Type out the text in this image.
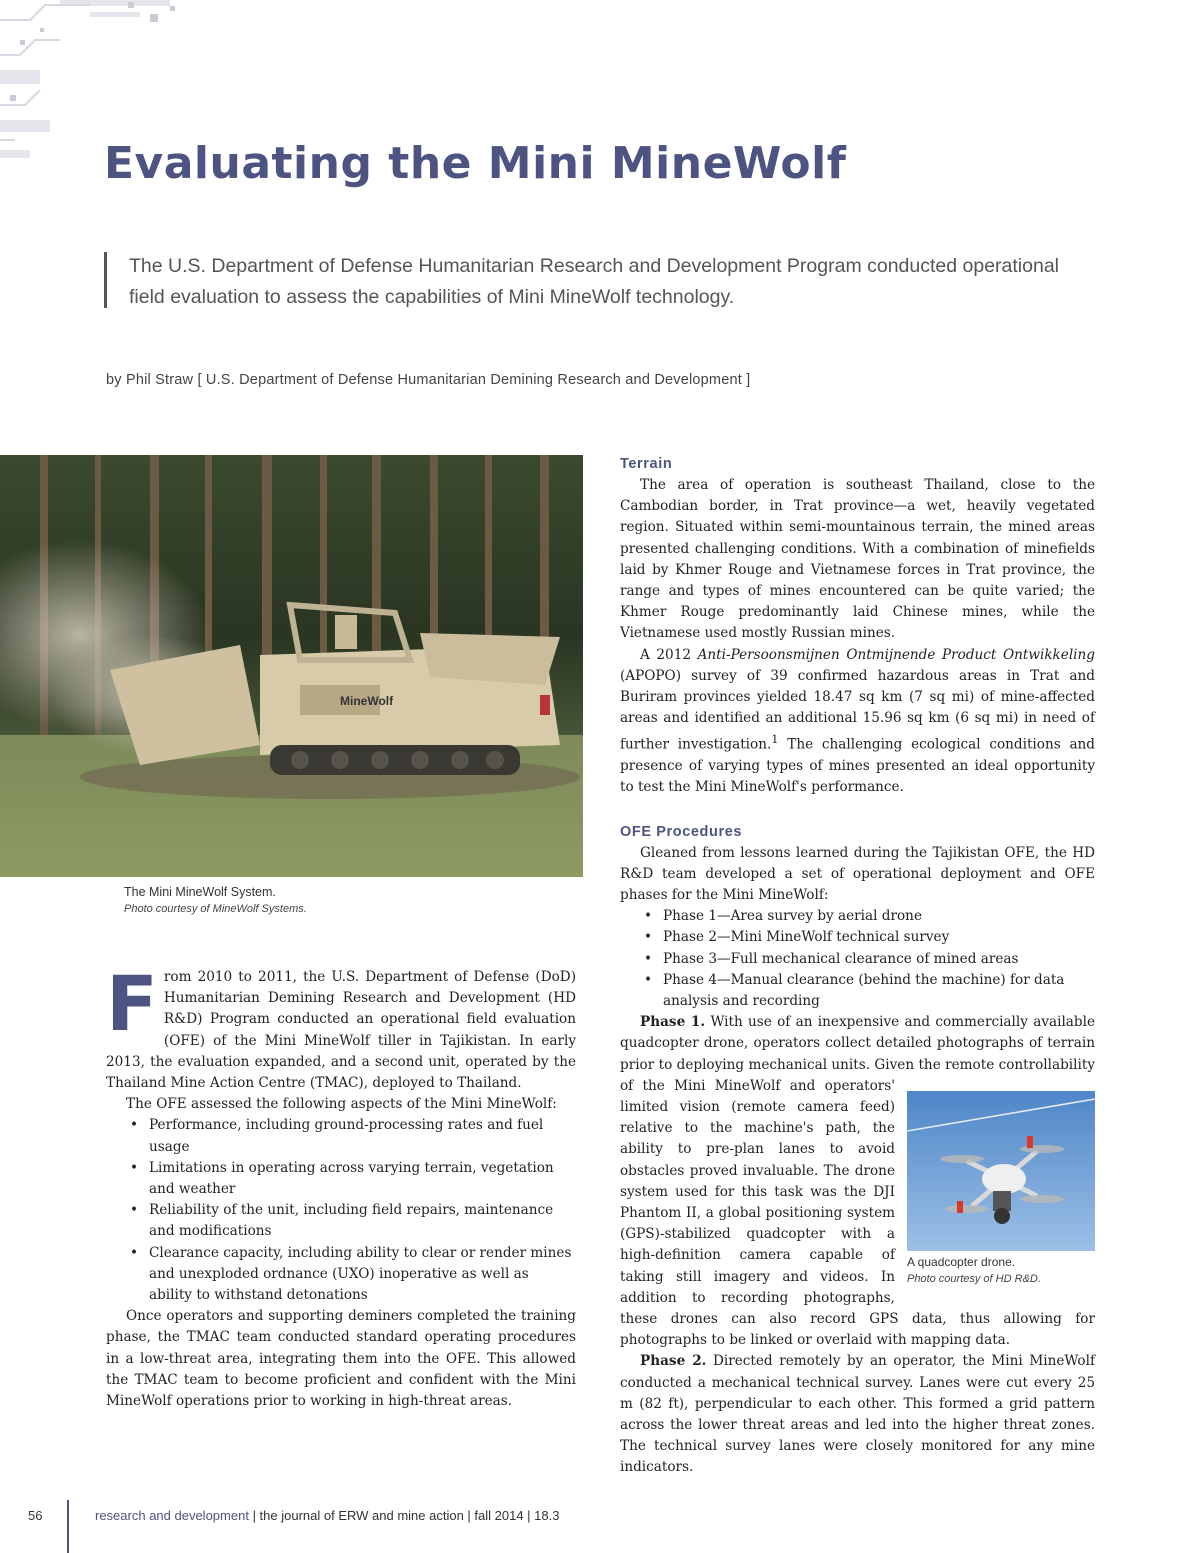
Evaluating the Mini MineWolf

The U.S. Department of Defense Humanitarian Research and Development Program conducted operational field evaluation to assess the capabilities of Mini MineWolf technology.

by Phil Straw [ U.S. Department of Defense Humanitarian Demining Research and Development ]

MineWolf
The Mini MineWolf System.
Photo courtesy of MineWolf Systems.

From 2010 to 2011, the U.S. Department of Defense (DoD) Humanitarian Demining Research and Development (HD R&D) Program conducted an operational field evaluation (OFE) of the Mini MineWolf tiller in Tajikistan. In early 2013, the evaluation expanded, and a second unit, operated by the Thailand Mine Action Centre (TMAC), deployed to Thailand.

The OFE assessed the following aspects of the Mini MineWolf:

• Performance, including ground-processing rates and fuel usage
• Limitations in operating across varying terrain, vegetation and weather
• Reliability of the unit, including field repairs, maintenance and modifications
• Clearance capacity, including ability to clear or render mines and unexploded ordnance (UXO) inoperative as well as ability to withstand detonations

Once operators and supporting deminers completed the training phase, the TMAC team conducted standard operating procedures in a low-threat area, integrating them into the OFE. This allowed the TMAC team to become proficient and confident with the Mini MineWolf operations prior to working in high-threat areas.

Terrain

The area of operation is southeast Thailand, close to the Cambodian border, in Trat province—a wet, heavily vegetated region. Situated within semi-mountainous terrain, the mined areas presented challenging conditions. With a combination of minefields laid by Khmer Rouge and Vietnamese forces in Trat province, the range and types of mines encountered can be quite varied; the Khmer Rouge predominantly laid Chinese mines, while the Vietnamese used mostly Russian mines.

A 2012 Anti-Persoonsmijnen Ontmijnende Product Ontwikkeling (APOPO) survey of 39 confirmed hazardous areas in Trat and Buriram provinces yielded 18.47 sq km (7 sq mi) of mine-affected areas and identified an additional 15.96 sq km (6 sq mi) in need of further investigation.$^1$ The challenging ecological conditions and presence of varying types of mines presented an ideal opportunity to test the Mini MineWolf's performance.

OFE Procedures

Gleaned from lessons learned during the Tajikistan OFE, the HD R&D team developed a set of operational deployment and OFE phases for the Mini MineWolf:

• Phase 1—Area survey by aerial drone
• Phase 2—Mini MineWolf technical survey
• Phase 3—Full mechanical clearance of mined areas
• Phase 4—Manual clearance (behind the machine) for data analysis and recording

Phase 1. With use of an inexpensive and commercially available quadcopter drone, operators collect detailed photographs of terrain prior to deploying mechanical units. Given the remote controllability of the Mini MineWolf and operators' limited vision (remote camera feed) relative to the machine's path, the ability to pre-plan lanes to avoid obstacles proved invaluable. The drone system used for this task was the DJI Phantom II, a global positioning system (GPS)-stabilized quadcopter with a high-definition camera capable of taking still imagery and videos. In addition to recording photographs, these drones can also record GPS data, thus allowing for photographs to be linked or overlaid with mapping data.

Phase 2. Directed remotely by an operator, the Mini MineWolf conducted a mechanical technical survey. Lanes were cut every 25 m (82 ft), perpendicular to each other. This formed a grid pattern across the lower threat areas and led into the higher threat zones. The technical survey lanes were closely monitored for any mine indicators.

A quadcopter drone.
Photo courtesy of HD R&D.
56	research and development | the journal of ERW and mine action | fall 2014 | 18.3
